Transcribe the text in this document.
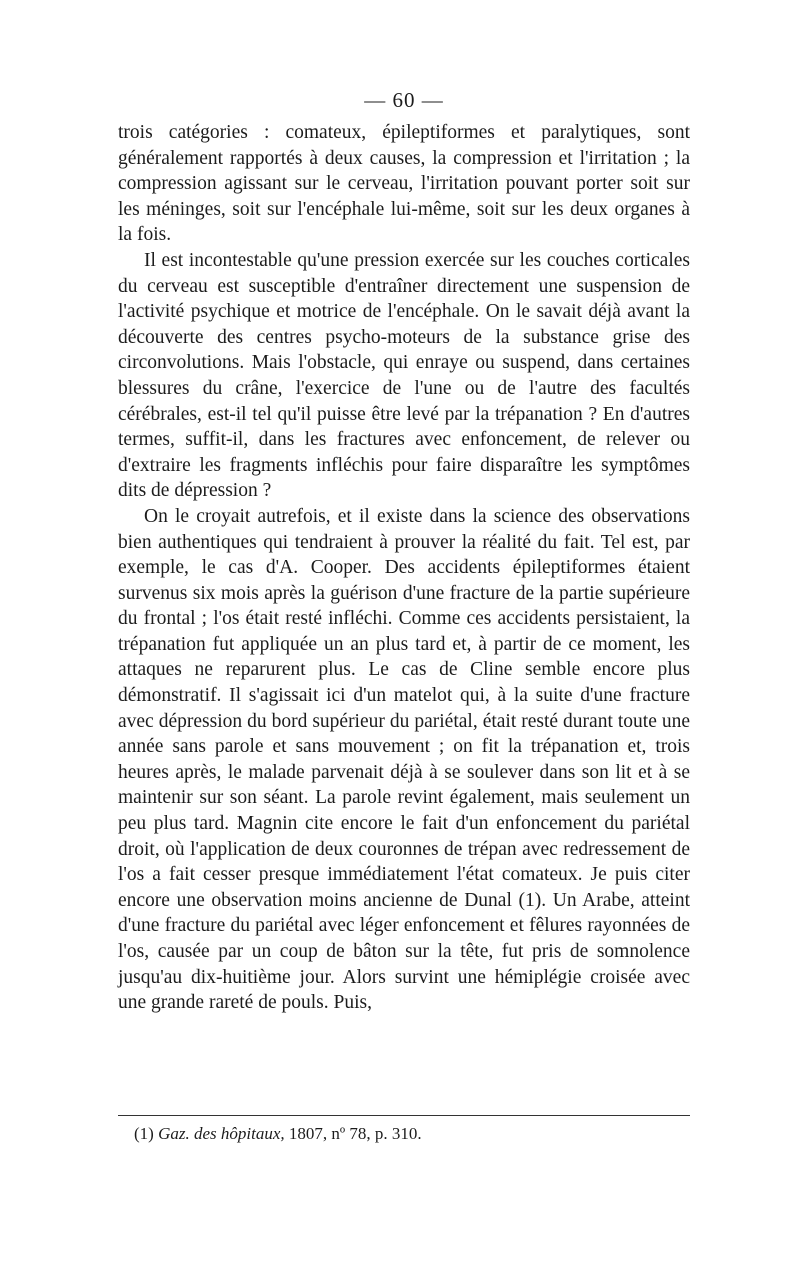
— 60 —

trois catégories : comateux, épileptiformes et paralytiques, sont généralement rapportés à deux causes, la compression et l'irritation ; la compression agissant sur le cerveau, l'irritation pouvant porter soit sur les méninges, soit sur l'encéphale lui-même, soit sur les deux organes à la fois.

Il est incontestable qu'une pression exercée sur les couches corticales du cerveau est susceptible d'entraîner directement une suspension de l'activité psychique et motrice de l'encéphale. On le savait déjà avant la découverte des centres psycho-moteurs de la substance grise des circonvolutions. Mais l'obstacle, qui enraye ou suspend, dans certaines blessures du crâne, l'exercice de l'une ou de l'autre des facultés cérébrales, est-il tel qu'il puisse être levé par la trépanation ? En d'autres termes, suffit-il, dans les fractures avec enfoncement, de relever ou d'extraire les fragments infléchis pour faire disparaître les symptômes dits de dépression ?

On le croyait autrefois, et il existe dans la science des observations bien authentiques qui tendraient à prouver la réalité du fait. Tel est, par exemple, le cas d'A. Cooper. Des accidents épileptiformes étaient survenus six mois après la guérison d'une fracture de la partie supérieure du frontal ; l'os était resté infléchi. Comme ces accidents persistaient, la trépanation fut appliquée un an plus tard et, à partir de ce moment, les attaques ne reparurent plus. Le cas de Cline semble encore plus démonstratif. Il s'agissait ici d'un matelot qui, à la suite d'une fracture avec dépression du bord supérieur du pariétal, était resté durant toute une année sans parole et sans mouvement ; on fit la trépanation et, trois heures après, le malade parvenait déjà à se soulever dans son lit et à se maintenir sur son séant. La parole revint également, mais seulement un peu plus tard. Magnin cite encore le fait d'un enfoncement du pariétal droit, où l'application de deux couronnes de trépan avec redressement de l'os a fait cesser presque immédiatement l'état comateux. Je puis citer encore une observation moins ancienne de Dunal (1). Un Arabe, atteint d'une fracture du pariétal avec léger enfoncement et fêlures rayonnées de l'os, causée par un coup de bâton sur la tête, fut pris de somnolence jusqu'au dix-huitième jour. Alors survint une hémiplégie croisée avec une grande rareté de pouls. Puis,

(1) Gaz. des hôpitaux, 1807, nº 78, p. 310.
